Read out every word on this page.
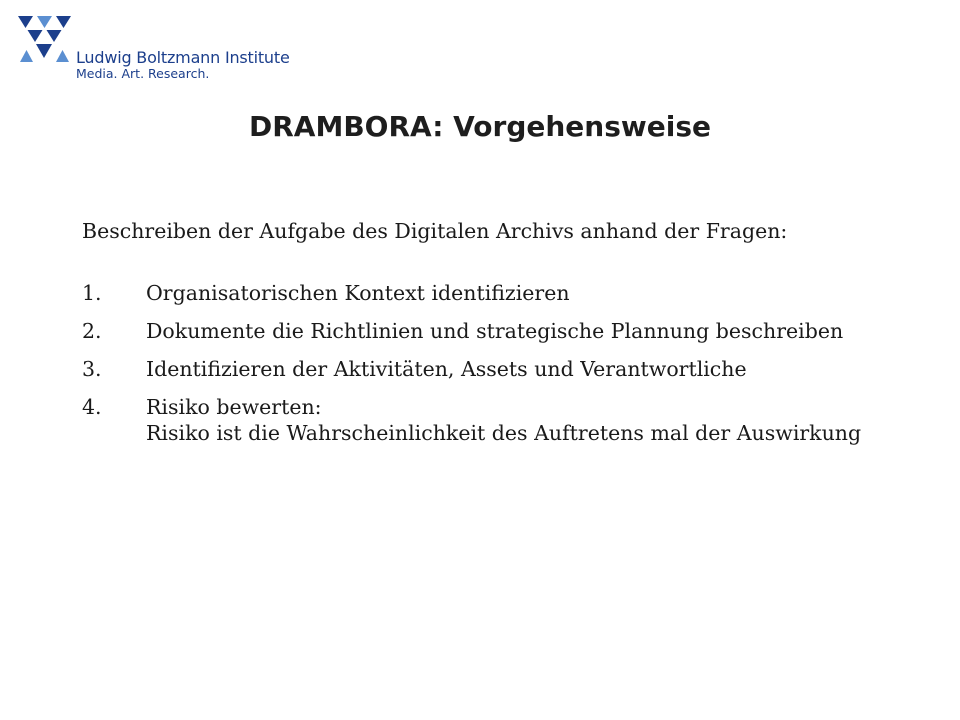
Ludwig Boltzmann Institute
Media. Art. Research.
DRAMBORA: Vorgehensweise

Beschreiben der Aufgabe des Digitalen Archivs anhand der Fragen:

1.	Organisatorischen Kontext identifizieren
2.	Dokumente die Richtlinien und strategische Plannung beschreiben
3.	Identifizieren der Aktivitäten, Assets und Verantwortliche
4.	Risiko bewerten:
Risiko ist die Wahrscheinlichkeit des Auftretens mal der Auswirkung
